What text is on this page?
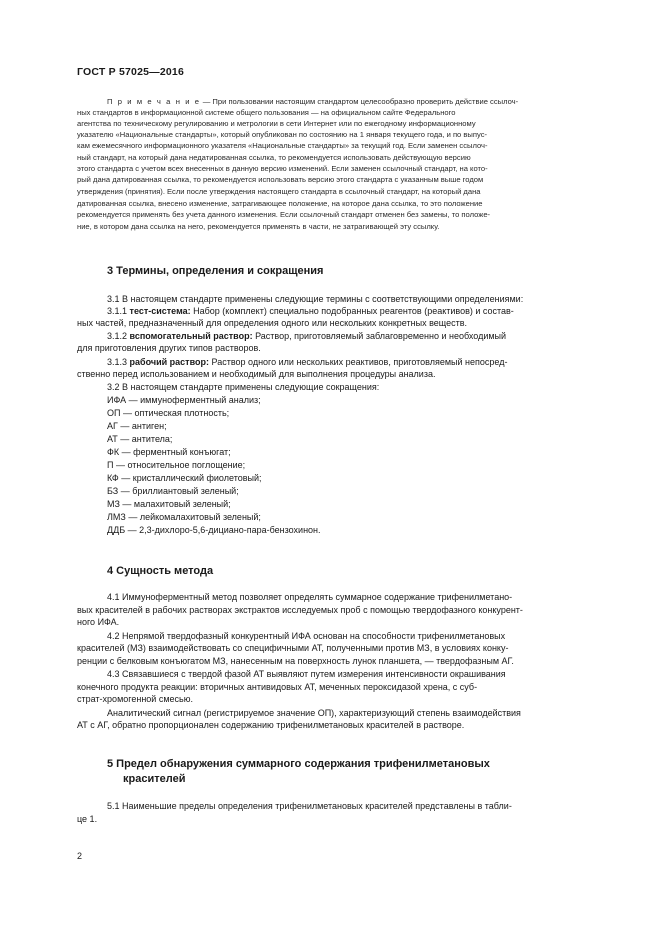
ГОСТ Р 57025—2016
П р и м е ч а н и е — При пользовании настоящим стандартом целесообразно проверить действие ссылоч-
ных стандартов в информационной системе общего пользования — на официальном сайте Федерального
агентства по техническому регулированию и метрологии в сети Интернет или по ежегодному информационному
указателю «Национальные стандарты», который опубликован по состоянию на 1 января текущего года, и по выпус-
кам ежемесячного информационного указателя «Национальные стандарты» за текущий год. Если заменен ссылоч-
ный стандарт, на который дана недатированная ссылка, то рекомендуется использовать действующую версию
этого стандарта с учетом всех внесенных в данную версию изменений. Если заменен ссылочный стандарт, на кото-
рый дана датированная ссылка, то рекомендуется использовать версию этого стандарта с указанным выше годом
утверждения (принятия). Если после утверждения настоящего стандарта в ссылочный стандарт, на который дана
датированная ссылка, внесено изменение, затрагивающее положение, на которое дана ссылка, то это положение
рекомендуется применять без учета данного изменения. Если ссылочный стандарт отменен без замены, то положе-
ние, в котором дана ссылка на него, рекомендуется применять в части, не затрагивающей эту ссылку.
3 Термины, определения и сокращения
3.1 В настоящем стандарте применены следующие термины с соответствующими определениями:
3.1.1 тест-система: Набор (комплект) специально подобранных реагентов (реактивов) и состав-
ных частей, предназначенный для определения одного или нескольких конкретных веществ.
3.1.2 вспомогательный раствор: Раствор, приготовляемый заблаговременно и необходимый
для приготовления других типов растворов.
3.1.3 рабочий раствор: Раствор одного или нескольких реактивов, приготовляемый непосред-
ственно перед использованием и необходимый для выполнения процедуры анализа.
3.2 В настоящем стандарте применены следующие сокращения:
ИФА — иммуноферментный анализ;
ОП — оптическая плотность;
АГ — антиген;
АТ — антитела;
ФК — ферментный конъюгат;
П — относительное поглощение;
КФ — кристаллический фиолетовый;
БЗ — бриллиантовый зеленый;
МЗ — малахитовый зеленый;
ЛМЗ — лейкомалахитовый зеленый;
ДДБ — 2,3-дихлоро-5,6-дициано-пара-бензохинон.
4 Сущность метода
4.1 Иммуноферментный метод позволяет определять суммарное содержание трифенилметано-
вых красителей в рабочих растворах экстрактов исследуемых проб с помощью твердофазного конкурент-
ного ИФА.
4.2 Непрямой твердофазный конкурентный ИФА основан на способности трифенилметановых
красителей (МЗ) взаимодействовать со специфичными АТ, полученными против МЗ, в условиях конку-
ренции с белковым конъюгатом МЗ, нанесенным на поверхность лунок планшета, — твердофазным АГ.
4.3 Связавшиеся с твердой фазой АТ выявляют путем измерения интенсивности окрашивания
конечного продукта реакции: вторичных антивидовых АТ, меченных пероксидазой хрена, с суб-
страт-хромогенной смесью.
Аналитический сигнал (регистрируемое значение ОП), характеризующий степень взаимодействия
АТ с АГ, обратно пропорционален содержанию трифенилметановых красителей в растворе.
5 Предел обнаружения суммарного содержания трифенилметановых
красителей
5.1 Наименьшие пределы определения трифенилметановых красителей представлены в табли-
це 1.
2
